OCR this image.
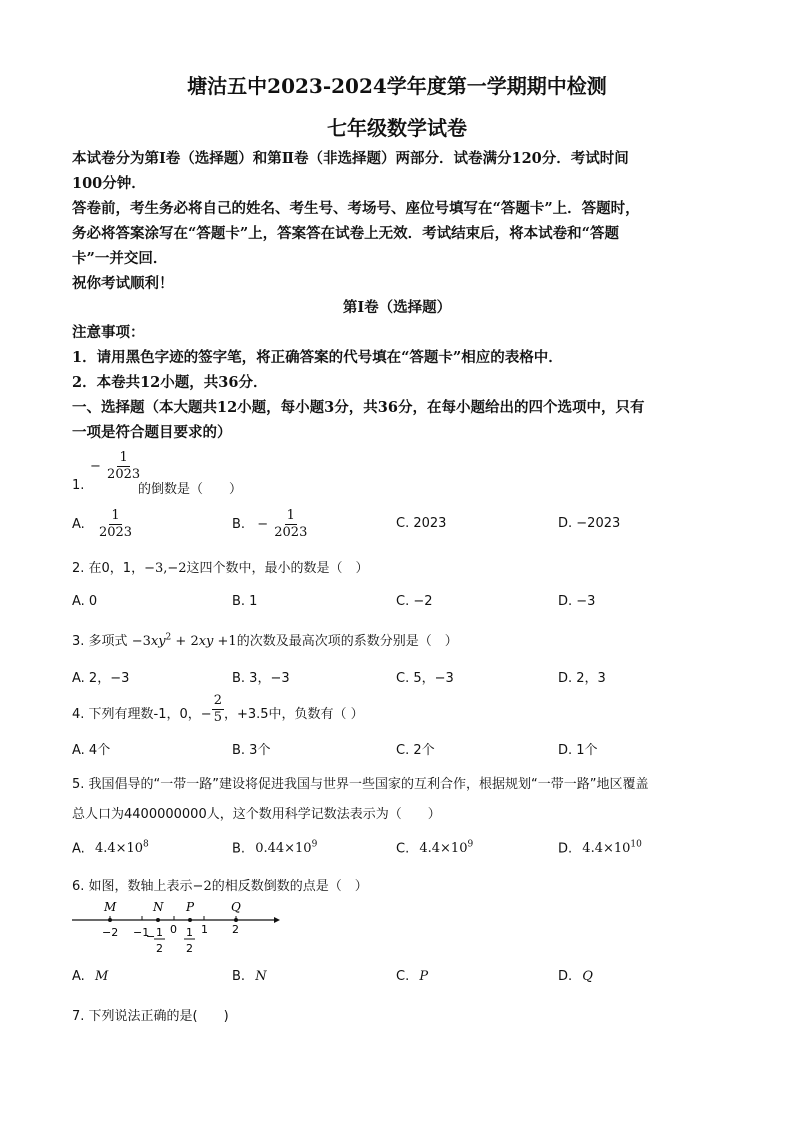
塘沽五中2023-2024学年度第一学期期中检测
七年级数学试卷
本试卷分为第Ⅰ卷（选择题）和第Ⅱ卷（非选择题）两部分．试卷满分120分．考试时间
100分钟．
答卷前，考生务必将自己的姓名、考生号、考场号、座位号填写在“答题卡”上．答题时，
务必将答案涂写在“答题卡”上，答案答在试卷上无效．考试结束后，将本试卷和“答题
卡”一并交回．
祝你考试顺利！
第Ⅰ卷（选择题）
注意事项：
1．请用黑色字迹的签字笔，将正确答案的代号填在“答题卡”相应的表格中．
2．本卷共12小题，共36分．
一、选择题（本大题共12小题，每小题3分，共36分，在每小题给出的四个选项中，只有
一项是符合题目要求的）
− $\frac{1}{2023}$
1.	的倒数是（　　）
A. $\frac{1}{2023}$	B. − $\frac{1}{2023}$	C. 2023	D. −2023
2. 在0，1，−3,−2这四个数中，最小的数是（　）
A. 0	B. 1	C. −2	D. −3
3. 多项式 $-3xy^2 + 2xy +1$的次数及最高次项的系数分别是（　）
A. 2，−3	B. 3，−3	C. 5，−3	D. 2，3
4. 下列有理数-1，0，− $\frac{2}{5}$ ，+3.5中，负数有（ ）
A. 4个	B. 3个	C. 2个	D. 1个
5. 我国倡导的“一带一路”建设将促进我国与世界一些国家的互利合作，根据规划“一带一路”地区覆盖
总人口为4400000000人，这个数用科学记数法表示为（　　）
A. $4.4\times 10^8$	B. $0.44\times 10^9$	C. $4.4\times 10^9$	D. $4.4\times 10^{10}$
6. 如图，数轴上表示−2的相反数倒数的点是（　）
M	N P	Q
−2 −1 0 1 2
− 1
2
1
2
A. M	B. N	C. P	D. Q
7. 下列说法正确的是(　　)
